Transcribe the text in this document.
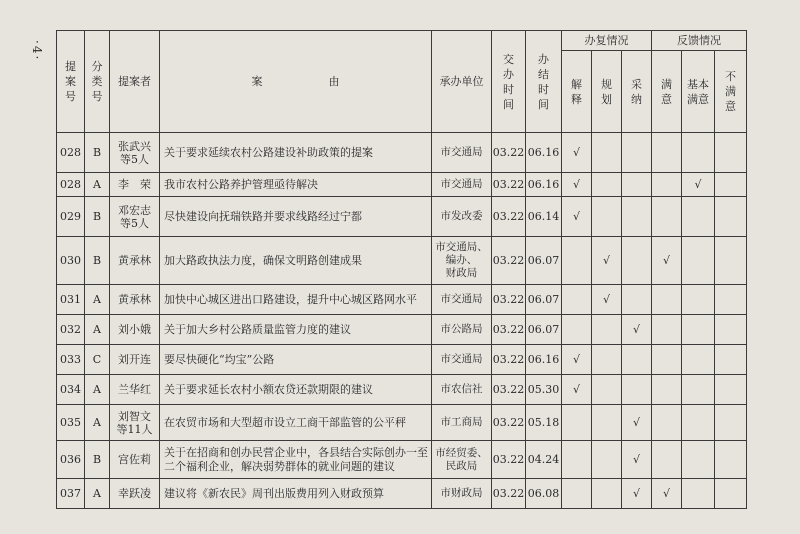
·4·
提
案
号	分
类
号	提案者	案　　　　　　由	承办单位	交
办
时
间	办
结
时
间	办复情况			反馈情况		
							解
释	规
划	采
纳	满
意	基本
满意	不
满
意
028	B	张武兴
等5人	关于要求延续农村公路建设补助政策的提案	市交通局	03.22	06.16	√					
028	A	李　荣	我市农村公路养护管理亟待解决	市交通局	03.22	06.16	√				√	
029	B	邓宏志
等5人	尽快建设向抚瑞铁路并要求线路经过宁都	市发改委	03.22	06.14	√					
030	B	黄承林	加大路政执法力度，确保文明路创建成果	市交通局、
编办、
财政局	03.22	06.07		√		√		
031	A	黄承林	加快中心城区进出口路建设，提升中心城区路网水平	市交通局	03.22	06.07		√				
032	A	刘小娥	关于加大乡村公路质量监管力度的建议	市公路局	03.22	06.07			√			
033	C	刘开连	要尽快硬化“均宝”公路	市交通局	03.22	06.16	√					
034	A	兰华红	关于要求延长农村小额农贷还款期限的建议	市农信社	03.22	05.30	√					
035	A	刘智文
等11人	在农贸市场和大型超市设立工商干部监管的公平秤	市工商局	03.22	05.18			√			
036	B	宫佐莉	关于在招商和创办民营企业中，各县结合实际创办一至二个福利企业，解决弱势群体的就业问题的建议	市经贸委、
民政局	03.22	04.24			√			
037	A	幸跃凌	建议将《新农民》周刊出版费用列入财政预算	市财政局	03.22	06.08			√	√		
